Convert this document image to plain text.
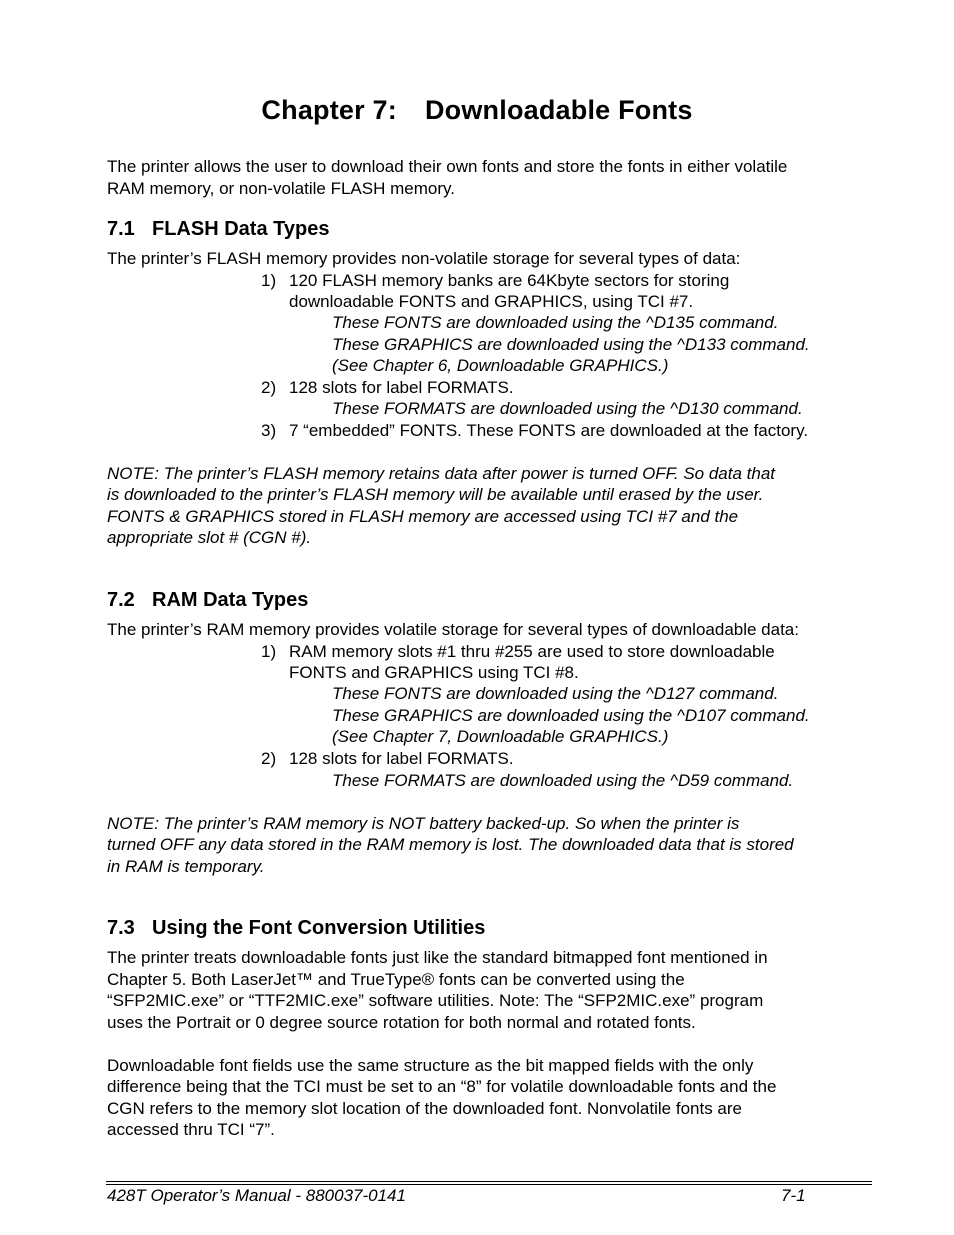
Chapter 7: Downloadable Fonts
The printer allows the user to download their own fonts and store the fonts in either volatile
RAM memory, or non-volatile FLASH memory.
7.1 FLASH Data Types
The printer’s FLASH memory provides non-volatile storage for several types of data:
1) 120 FLASH memory banks are 64Kbyte sectors for storing
downloadable FONTS and GRAPHICS, using TCI #7.
These FONTS are downloaded using the ^D135 command.
These GRAPHICS are downloaded using the ^D133 command.
(See Chapter 6, Downloadable GRAPHICS.)
2) 128 slots for label FORMATS.
These FORMATS are downloaded using the ^D130 command.
3) 7 “embedded” FONTS. These FONTS are downloaded at the factory.
NOTE: The printer’s FLASH memory retains data after power is turned OFF. So data that
is downloaded to the printer’s FLASH memory will be available until erased by the user.
FONTS & GRAPHICS stored in FLASH memory are accessed using TCI #7 and the
appropriate slot # (CGN #).
7.2 RAM Data Types
The printer’s RAM memory provides volatile storage for several types of downloadable data:
1) RAM memory slots #1 thru #255 are used to store downloadable
FONTS and GRAPHICS using TCI #8.
These FONTS are downloaded using the ^D127 command.
These GRAPHICS are downloaded using the ^D107 command.
(See Chapter 7, Downloadable GRAPHICS.)
2) 128 slots for label FORMATS.
These FORMATS are downloaded using the ^D59 command.
NOTE: The printer’s RAM memory is NOT battery backed-up. So when the printer is
turned OFF any data stored in the RAM memory is lost. The downloaded data that is stored
in RAM is temporary.
7.3 Using the Font Conversion Utilities
The printer treats downloadable fonts just like the standard bitmapped font mentioned in
Chapter 5. Both LaserJet™ and TrueType® fonts can be converted using the
“SFP2MIC.exe” or “TTF2MIC.exe” software utilities. Note: The “SFP2MIC.exe” program
uses the Portrait or 0 degree source rotation for both normal and rotated fonts.
Downloadable font fields use the same structure as the bit mapped fields with the only
difference being that the TCI must be set to an “8” for volatile downloadable fonts and the
CGN refers to the memory slot location of the downloaded font. Nonvolatile fonts are
accessed thru TCI “7”.
428T Operator’s Manual - 880037-0141	7-1
